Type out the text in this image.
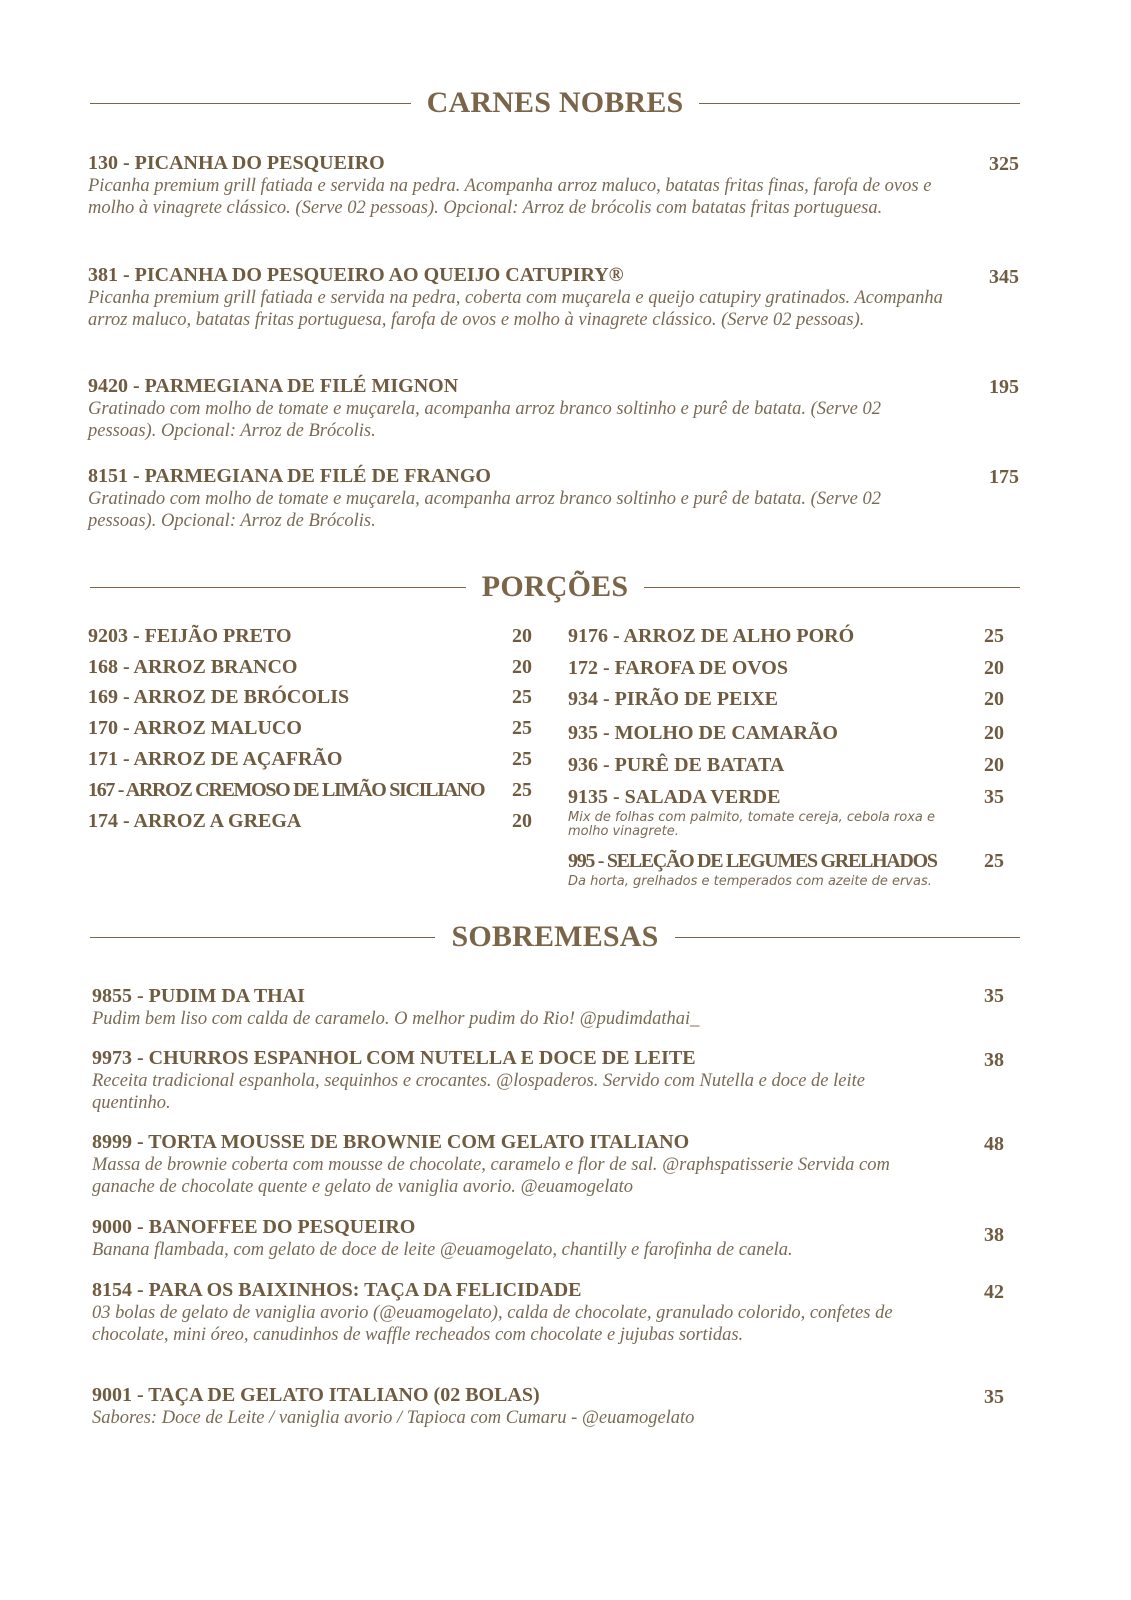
CARNES NOBRES
130 - PICANHA DO PESQUEIRO
Picanha premium grill fatiada e servida na pedra. Acompanha arroz maluco, batatas fritas finas, farofa de ovos e molho à vinagrete clássico. (Serve 02 pessoas). Opcional: Arroz de brócolis com batatas fritas portuguesa.
325
381 - PICANHA DO PESQUEIRO AO QUEIJO CATUPIRY®
Picanha premium grill fatiada e servida na pedra, coberta com muçarela e queijo catupiry gratinados. Acompanha arroz maluco, batatas fritas portuguesa, farofa de ovos e molho à vinagrete clássico. (Serve 02 pessoas).
345
9420 - PARMEGIANA DE FILÉ MIGNON
Gratinado com molho de tomate e muçarela, acompanha arroz branco soltinho e purê de batata. (Serve 02 pessoas). Opcional: Arroz de Brócolis.
195
8151 - PARMEGIANA DE FILÉ DE FRANGO
Gratinado com molho de tomate e muçarela, acompanha arroz branco soltinho e purê de batata. (Serve 02 pessoas). Opcional: Arroz de Brócolis.
175
PORÇÕES
9203 - FEIJÃO PRETO	20
168 - ARROZ BRANCO	20
169 - ARROZ DE BRÓCOLIS	25
170 - ARROZ MALUCO	25
171 - ARROZ DE AÇAFRÃO	25
167 - ARROZ CREMOSO DE LIMÃO SICILIANO 25
174 - ARROZ A GREGA	20
9176 - ARROZ DE ALHO PORÓ	25
172 - FAROFA DE OVOS	20
934 - PIRÃO DE PEIXE	20
935 - MOLHO DE CAMARÃO	20
936 - PURÊ DE BATATA	20
9135 - SALADA VERDE
Mix de folhas com palmito, tomate cereja, cebola roxa e molho vinagrete.
35
995 - SELEÇÃO DE LEGUMES GRELHADOS
Da horta, grelhados e temperados com azeite de ervas.
25
SOBREMESAS
9855 - PUDIM DA THAI
Pudim bem liso com calda de caramelo. O melhor pudim do Rio! @pudimdathai_
35
9973 - CHURROS ESPANHOL COM NUTELLA E DOCE DE LEITE
Receita tradicional espanhola, sequinhos e crocantes. @lospaderos. Servido com Nutella e doce de leite quentinho.
38
8999 - TORTA MOUSSE DE BROWNIE COM GELATO ITALIANO
Massa de brownie coberta com mousse de chocolate, caramelo e flor de sal. @raphspatisserie Servida com ganache de chocolate quente e gelato de vaniglia avorio. @euamogelato
48
9000 - BANOFFEE DO PESQUEIRO
Banana flambada, com gelato de doce de leite @euamogelato, chantilly e farofinha de canela.
38
8154 - PARA OS BAIXINHOS: TAÇA DA FELICIDADE
03 bolas de gelato de vaniglia avorio (@euamogelato), calda de chocolate, granulado colorido, confetes de chocolate, mini óreo, canudinhos de waffle recheados com chocolate e jujubas sortidas.
42
9001 - TAÇA DE GELATO ITALIANO (02 BOLAS)
Sabores: Doce de Leite / vaniglia avorio / Tapioca com Cumaru - @euamogelato
35
